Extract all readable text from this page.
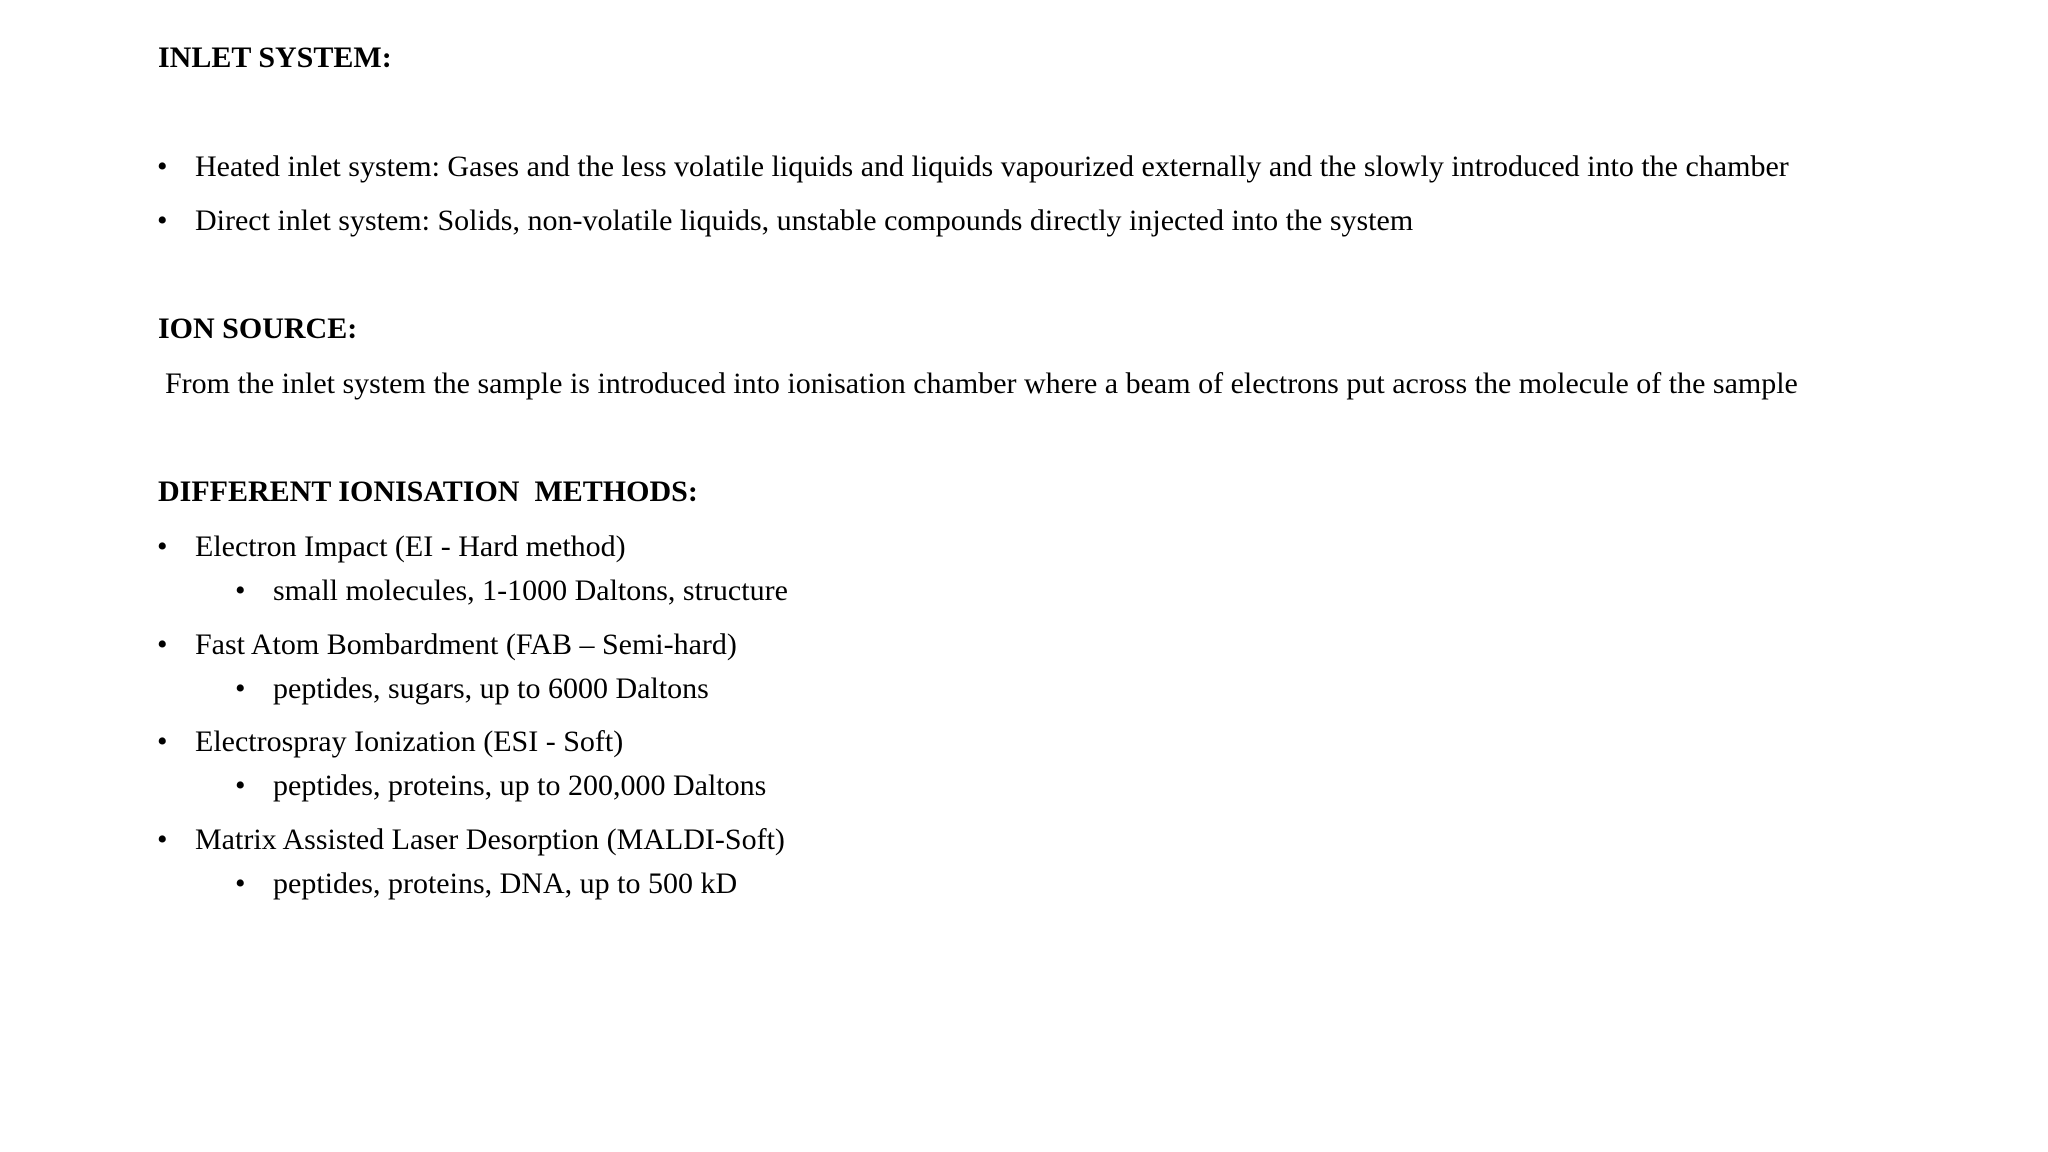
INLET SYSTEM:
• Heated inlet system: Gases and the less volatile liquids and liquids vapourized externally and the slowly introduced into the chamber
• Direct inlet system: Solids, non-volatile liquids, unstable compounds directly injected into the system
ION SOURCE:
From the inlet system the sample is introduced into ionisation chamber where a beam of electrons put across the molecule of the sample
DIFFERENT IONISATION  METHODS:
• Electron Impact (EI - Hard method)
• small molecules, 1-1000 Daltons, structure
• Fast Atom Bombardment (FAB – Semi-hard)
• peptides, sugars, up to 6000 Daltons
• Electrospray Ionization (ESI - Soft)
• peptides, proteins, up to 200,000 Daltons
• Matrix Assisted Laser Desorption (MALDI-Soft)
• peptides, proteins, DNA, up to 500 kD
